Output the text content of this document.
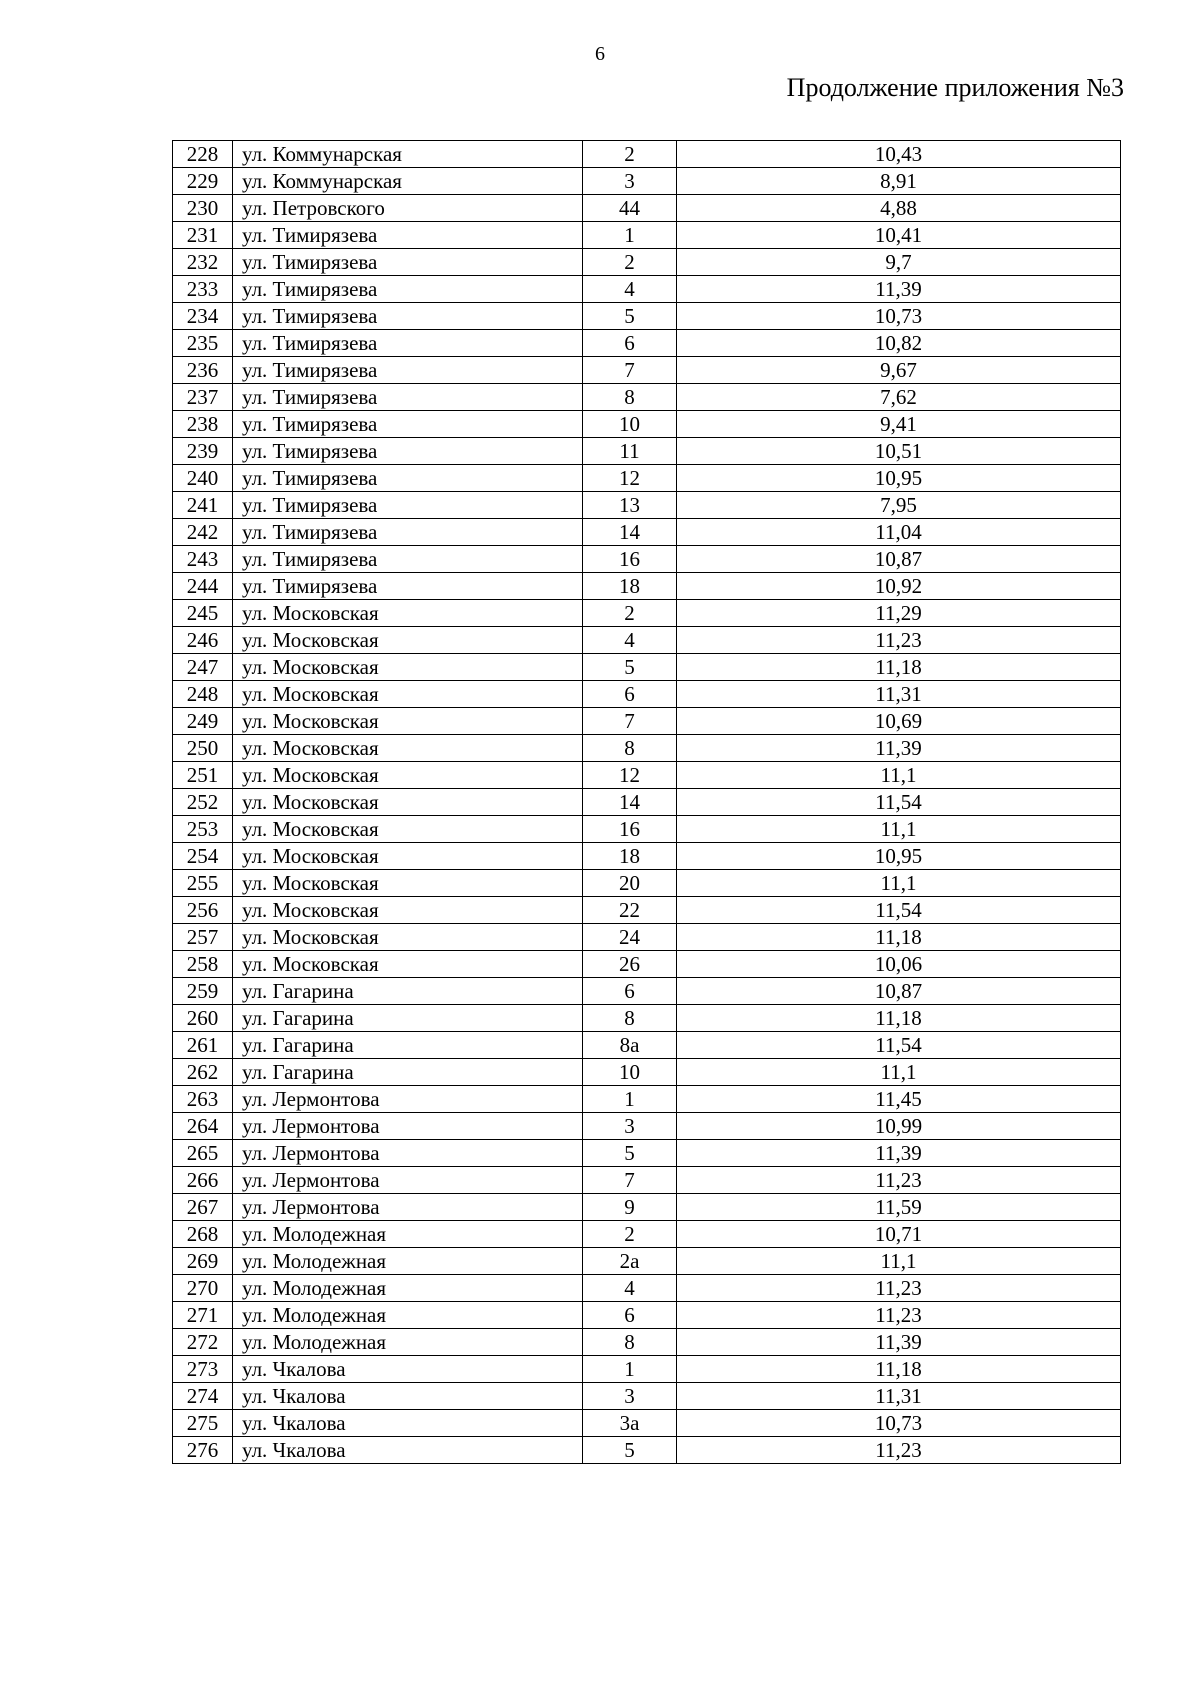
6
Продолжение приложения №3
228	ул. Коммунарская	2	10,43
229	ул. Коммунарская	3	8,91
230	ул. Петровского	44	4,88
231	ул. Тимирязева	1	10,41
232	ул. Тимирязева	2	9,7
233	ул. Тимирязева	4	11,39
234	ул. Тимирязева	5	10,73
235	ул. Тимирязева	6	10,82
236	ул. Тимирязева	7	9,67
237	ул. Тимирязева	8	7,62
238	ул. Тимирязева	10	9,41
239	ул. Тимирязева	11	10,51
240	ул. Тимирязева	12	10,95
241	ул. Тимирязева	13	7,95
242	ул. Тимирязева	14	11,04
243	ул. Тимирязева	16	10,87
244	ул. Тимирязева	18	10,92
245	ул. Московская	2	11,29
246	ул. Московская	4	11,23
247	ул. Московская	5	11,18
248	ул. Московская	6	11,31
249	ул. Московская	7	10,69
250	ул. Московская	8	11,39
251	ул. Московская	12	11,1
252	ул. Московская	14	11,54
253	ул. Московская	16	11,1
254	ул. Московская	18	10,95
255	ул. Московская	20	11,1
256	ул. Московская	22	11,54
257	ул. Московская	24	11,18
258	ул. Московская	26	10,06
259	ул. Гагарина	6	10,87
260	ул. Гагарина	8	11,18
261	ул. Гагарина	8а	11,54
262	ул. Гагарина	10	11,1
263	ул. Лермонтова	1	11,45
264	ул. Лермонтова	3	10,99
265	ул. Лермонтова	5	11,39
266	ул. Лермонтова	7	11,23
267	ул. Лермонтова	9	11,59
268	ул. Молодежная	2	10,71
269	ул. Молодежная	2а	11,1
270	ул. Молодежная	4	11,23
271	ул. Молодежная	6	11,23
272	ул. Молодежная	8	11,39
273	ул. Чкалова	1	11,18
274	ул. Чкалова	3	11,31
275	ул. Чкалова	3а	10,73
276	ул. Чкалова	5	11,23
